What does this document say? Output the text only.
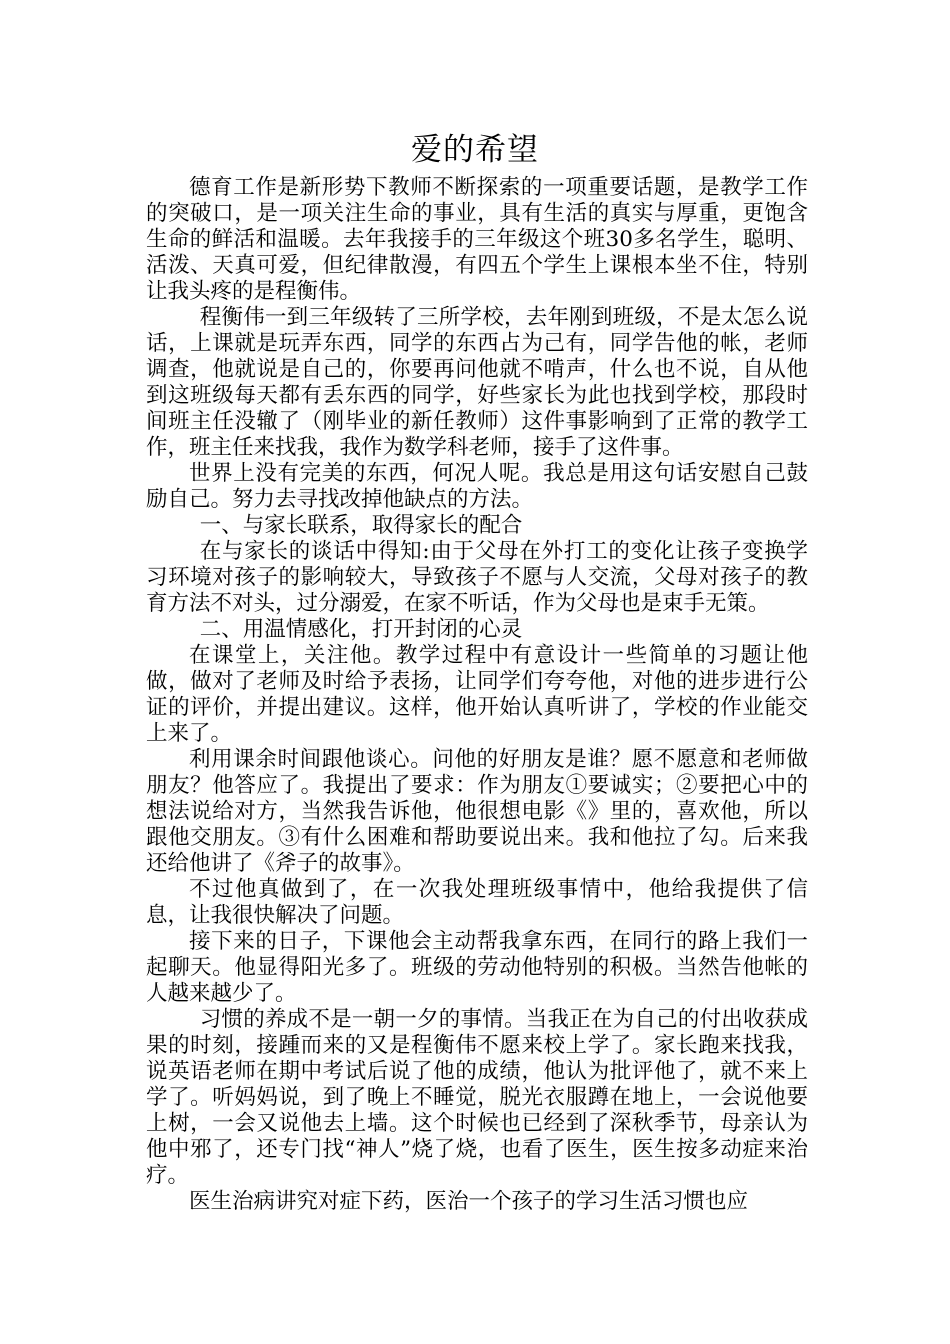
爱的希望

德育工作是新形势下教师不断探索的一项重要话题，是教学工作的突破口，是一项关注生命的事业，具有生活的真实与厚重，更饱含生命的鲜活和温暖。去年我接手的三年级这个班30多名学生，聪明、活泼、天真可爱，但纪律散漫，有四五个学生上课根本坐不住，特别让我头疼的是程衡伟。

程衡伟一到三年级转了三所学校，去年刚到班级，不是太怎么说话，上课就是玩弄东西，同学的东西占为己有，同学告他的帐，老师调查，他就说是自己的，你要再问他就不啃声，什么也不说，自从他到这班级每天都有丢东西的同学，好些家长为此也找到学校，那段时间班主任没辙了（刚毕业的新任教师）这件事影响到了正常的教学工作，班主任来找我，我作为数学科老师，接手了这件事。

世界上没有完美的东西，何况人呢。我总是用这句话安慰自己鼓励自己。努力去寻找改掉他缺点的方法。

一、与家长联系，取得家长的配合

在与家长的谈话中得知:由于父母在外打工的变化让孩子变换学习环境对孩子的影响较大，导致孩子不愿与人交流，父母对孩子的教育方法不对头，过分溺爱，在家不听话，作为父母也是束手无策。

二、用温情感化，打开封闭的心灵

在课堂上，关注他。教学过程中有意设计一些简单的习题让他做，做对了老师及时给予表扬，让同学们夸夸他，对他的进步进行公证的评价，并提出建议。这样，他开始认真听讲了，学校的作业能交上来了。

利用课余时间跟他谈心。问他的好朋友是谁？愿不愿意和老师做朋友？他答应了。我提出了要求：作为朋友①要诚实；②要把心中的想法说给对方，当然我告诉他，他很想电影《》里的，喜欢他，所以跟他交朋友。③有什么困难和帮助要说出来。我和他拉了勾。后来我还给他讲了《斧子的故事》。

不过他真做到了，在一次我处理班级事情中，他给我提供了信息，让我很快解决了问题。

接下来的日子，下课他会主动帮我拿东西，在同行的路上我们一起聊天。他显得阳光多了。班级的劳动他特别的积极。当然告他帐的人越来越少了。

习惯的养成不是一朝一夕的事情。当我正在为自己的付出收获成果的时刻，接踵而来的又是程衡伟不愿来校上学了。家长跑来找我，说英语老师在期中考试后说了他的成绩，他认为批评他了，就不来上学了。听妈妈说，到了晚上不睡觉，脱光衣服蹲在地上，一会说他要上树，一会又说他去上墙。这个时候也已经到了深秋季节，母亲认为他中邪了，还专门找“神人”烧了烧，也看了医生，医生按多动症来治疗。

医生治病讲究对症下药，医治一个孩子的学习生活习惯也应
